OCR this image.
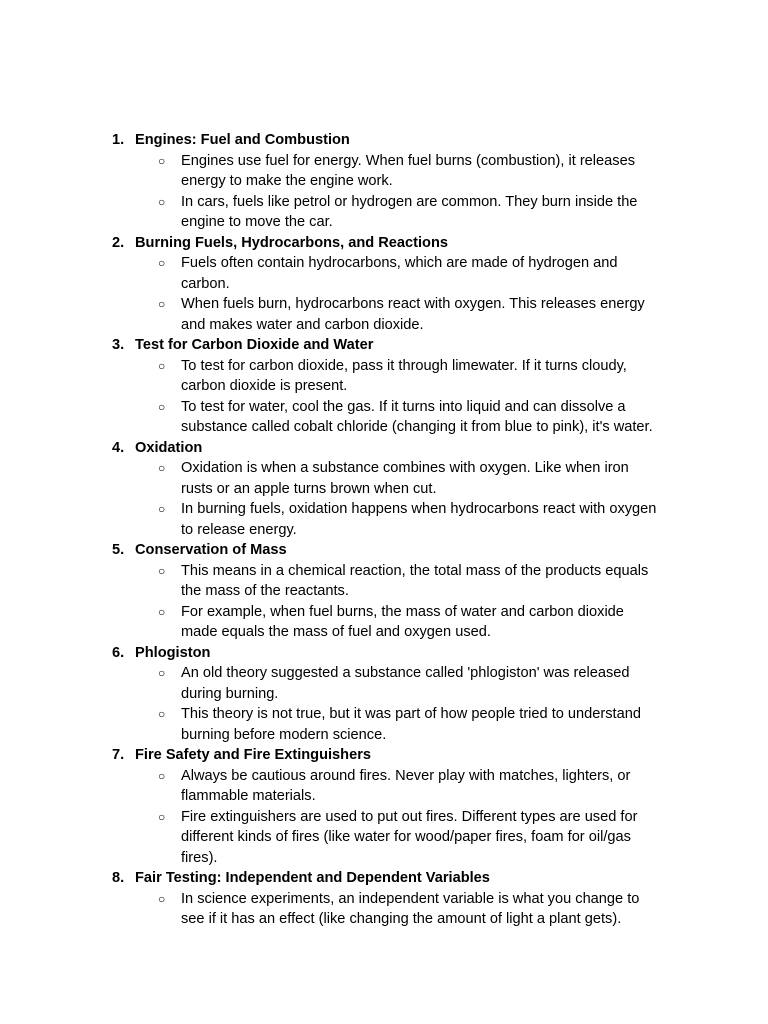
1. Engines: Fuel and Combustion
○ Engines use fuel for energy. When fuel burns (combustion), it releases
energy to make the engine work.
○ In cars, fuels like petrol or hydrogen are common. They burn inside the
engine to move the car.
2. Burning Fuels, Hydrocarbons, and Reactions
○ Fuels often contain hydrocarbons, which are made of hydrogen and
carbon.
○ When fuels burn, hydrocarbons react with oxygen. This releases energy
and makes water and carbon dioxide.
3. Test for Carbon Dioxide and Water
○ To test for carbon dioxide, pass it through limewater. If it turns cloudy,
carbon dioxide is present.
○ To test for water, cool the gas. If it turns into liquid and can dissolve a
substance called cobalt chloride (changing it from blue to pink), it's water.
4. Oxidation
○ Oxidation is when a substance combines with oxygen. Like when iron
rusts or an apple turns brown when cut.
○ In burning fuels, oxidation happens when hydrocarbons react with oxygen
to release energy.
5. Conservation of Mass
○ This means in a chemical reaction, the total mass of the products equals
the mass of the reactants.
○ For example, when fuel burns, the mass of water and carbon dioxide
made equals the mass of fuel and oxygen used.
6. Phlogiston
○ An old theory suggested a substance called 'phlogiston' was released
during burning.
○ This theory is not true, but it was part of how people tried to understand
burning before modern science.
7. Fire Safety and Fire Extinguishers
○ Always be cautious around fires. Never play with matches, lighters, or
flammable materials.
○ Fire extinguishers are used to put out fires. Different types are used for
different kinds of fires (like water for wood/paper fires, foam for oil/gas
fires).
8. Fair Testing: Independent and Dependent Variables
○ In science experiments, an independent variable is what you change to
see if it has an effect (like changing the amount of light a plant gets).
